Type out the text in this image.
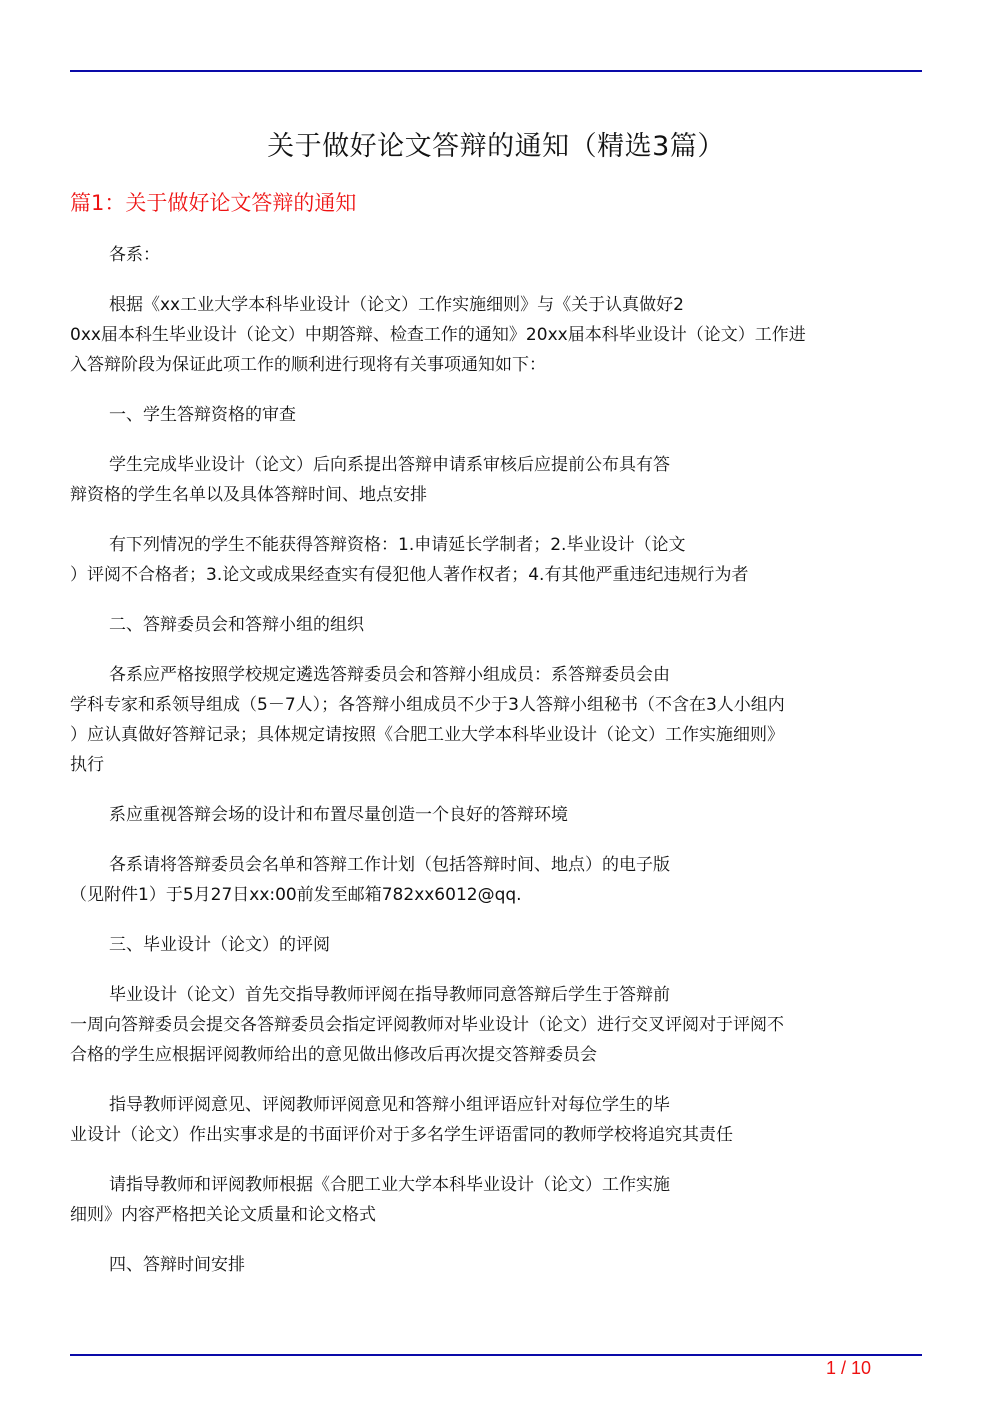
关于做好论文答辩的通知（精选3篇）
篇1：关于做好论文答辩的通知

各系：

根据《xx工业大学本科毕业设计（论文）工作实施细则》与《关于认真做好2
0xx届本科生毕业设计（论文）中期答辩、检查工作的通知》20xx届本科毕业设计（论文）工作进
入答辩阶段为保证此项工作的顺利进行现将有关事项通知如下：

一、学生答辩资格的审查

学生完成毕业设计（论文）后向系提出答辩申请系审核后应提前公布具有答
辩资格的学生名单以及具体答辩时间、地点安排

有下列情况的学生不能获得答辩资格：1.申请延长学制者；2.毕业设计（论文
）评阅不合格者；3.论文或成果经查实有侵犯他人著作权者；4.有其他严重违纪违规行为者

二、答辩委员会和答辩小组的组织

各系应严格按照学校规定遴选答辩委员会和答辩小组成员：系答辩委员会由
学科专家和系领导组成（5－7人）；各答辩小组成员不少于3人答辩小组秘书（不含在3人小组内
）应认真做好答辩记录；具体规定请按照《合肥工业大学本科毕业设计（论文）工作实施细则》
执行

系应重视答辩会场的设计和布置尽量创造一个良好的答辩环境

各系请将答辩委员会名单和答辩工作计划（包括答辩时间、地点）的电子版
（见附件1）于5月27日xx:00前发至邮箱782xx6012@qq.

三、毕业设计（论文）的评阅

毕业设计（论文）首先交指导教师评阅在指导教师同意答辩后学生于答辩前
一周向答辩委员会提交各答辩委员会指定评阅教师对毕业设计（论文）进行交叉评阅对于评阅不
合格的学生应根据评阅教师给出的意见做出修改后再次提交答辩委员会

指导教师评阅意见、评阅教师评阅意见和答辩小组评语应针对每位学生的毕
业设计（论文）作出实事求是的书面评价对于多名学生评语雷同的教师学校将追究其责任

请指导教师和评阅教师根据《合肥工业大学本科毕业设计（论文）工作实施
细则》内容严格把关论文质量和论文格式

四、答辩时间安排

1 / 10
